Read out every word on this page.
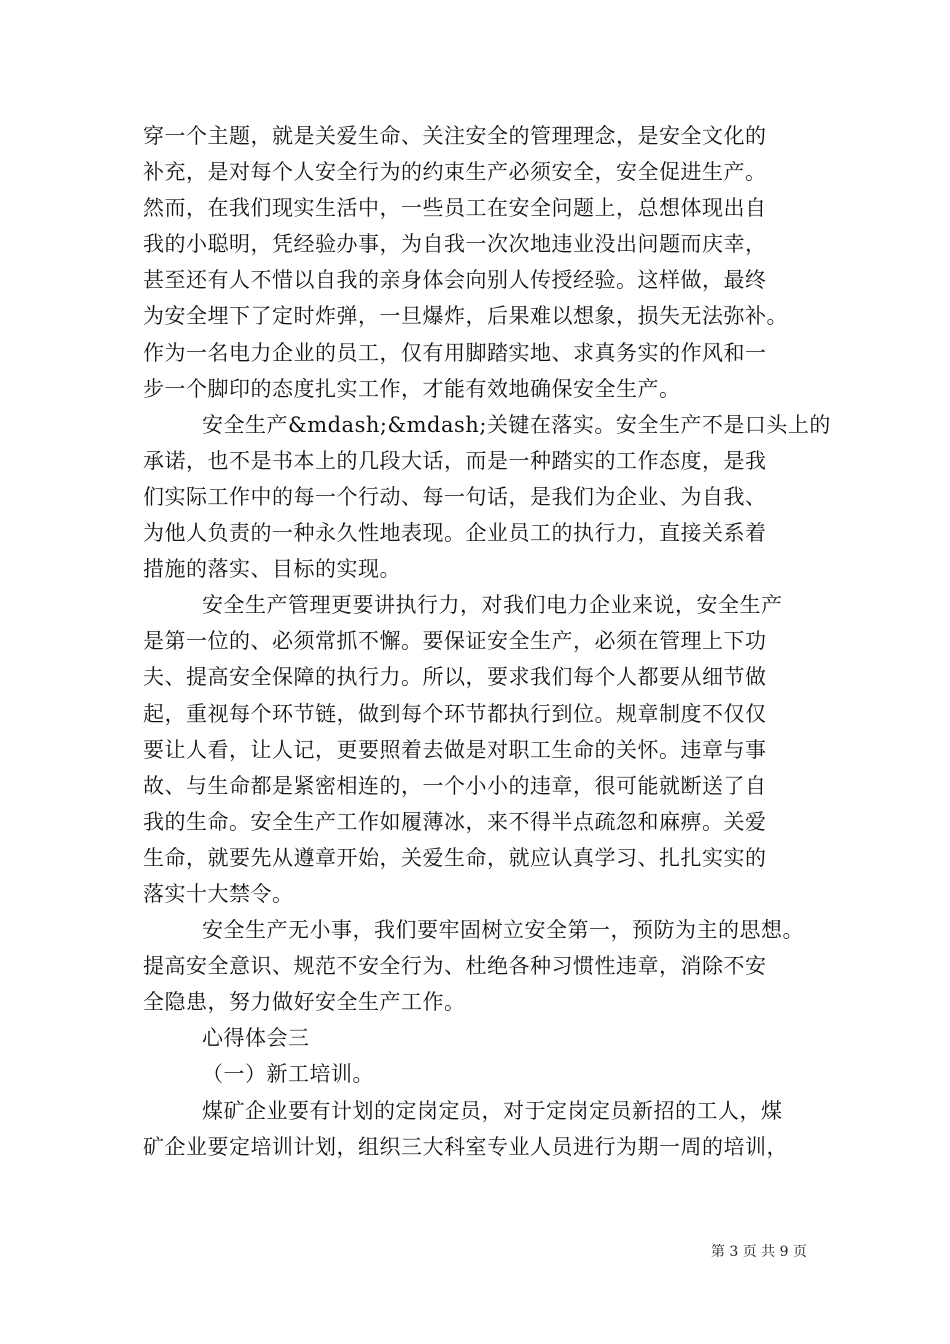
穿一个主题，就是关爱生命、关注安全的管理理念，是安全文化的
补充，是对每个人安全行为的约束生产必须安全，安全促进生产。
然而，在我们现实生活中，一些员工在安全问题上，总想体现出自
我的小聪明，凭经验办事，为自我一次次地违业没出问题而庆幸，
甚至还有人不惜以自我的亲身体会向别人传授经验。这样做，最终
为安全埋下了定时炸弹，一旦爆炸，后果难以想象，损失无法弥补。
作为一名电力企业的员工，仅有用脚踏实地、求真务实的作风和一
步一个脚印的态度扎实工作，才能有效地确保安全生产。
安全生产&mdash;&mdash;关键在落实。安全生产不是口头上的
承诺，也不是书本上的几段大话，而是一种踏实的工作态度，是我
们实际工作中的每一个行动、每一句话，是我们为企业、为自我、
为他人负责的一种永久性地表现。企业员工的执行力，直接关系着
措施的落实、目标的实现。
安全生产管理更要讲执行力，对我们电力企业来说，安全生产
是第一位的、必须常抓不懈。要保证安全生产，必须在管理上下功
夫、提高安全保障的执行力。所以，要求我们每个人都要从细节做
起，重视每个环节链，做到每个环节都执行到位。规章制度不仅仅
要让人看，让人记，更要照着去做是对职工生命的关怀。违章与事
故、与生命都是紧密相连的，一个小小的违章，很可能就断送了自
我的生命。安全生产工作如履薄冰，来不得半点疏忽和麻痹。关爱
生命，就要先从遵章开始，关爱生命，就应认真学习、扎扎实实的
落实十大禁令。
安全生产无小事，我们要牢固树立安全第一，预防为主的思想。
提高安全意识、规范不安全行为、杜绝各种习惯性违章，消除不安
全隐患，努力做好安全生产工作。
心得体会三
（一）新工培训。
煤矿企业要有计划的定岗定员，对于定岗定员新招的工人，煤
矿企业要定培训计划，组织三大科室专业人员进行为期一周的培训，
第 3 页 共 9 页
